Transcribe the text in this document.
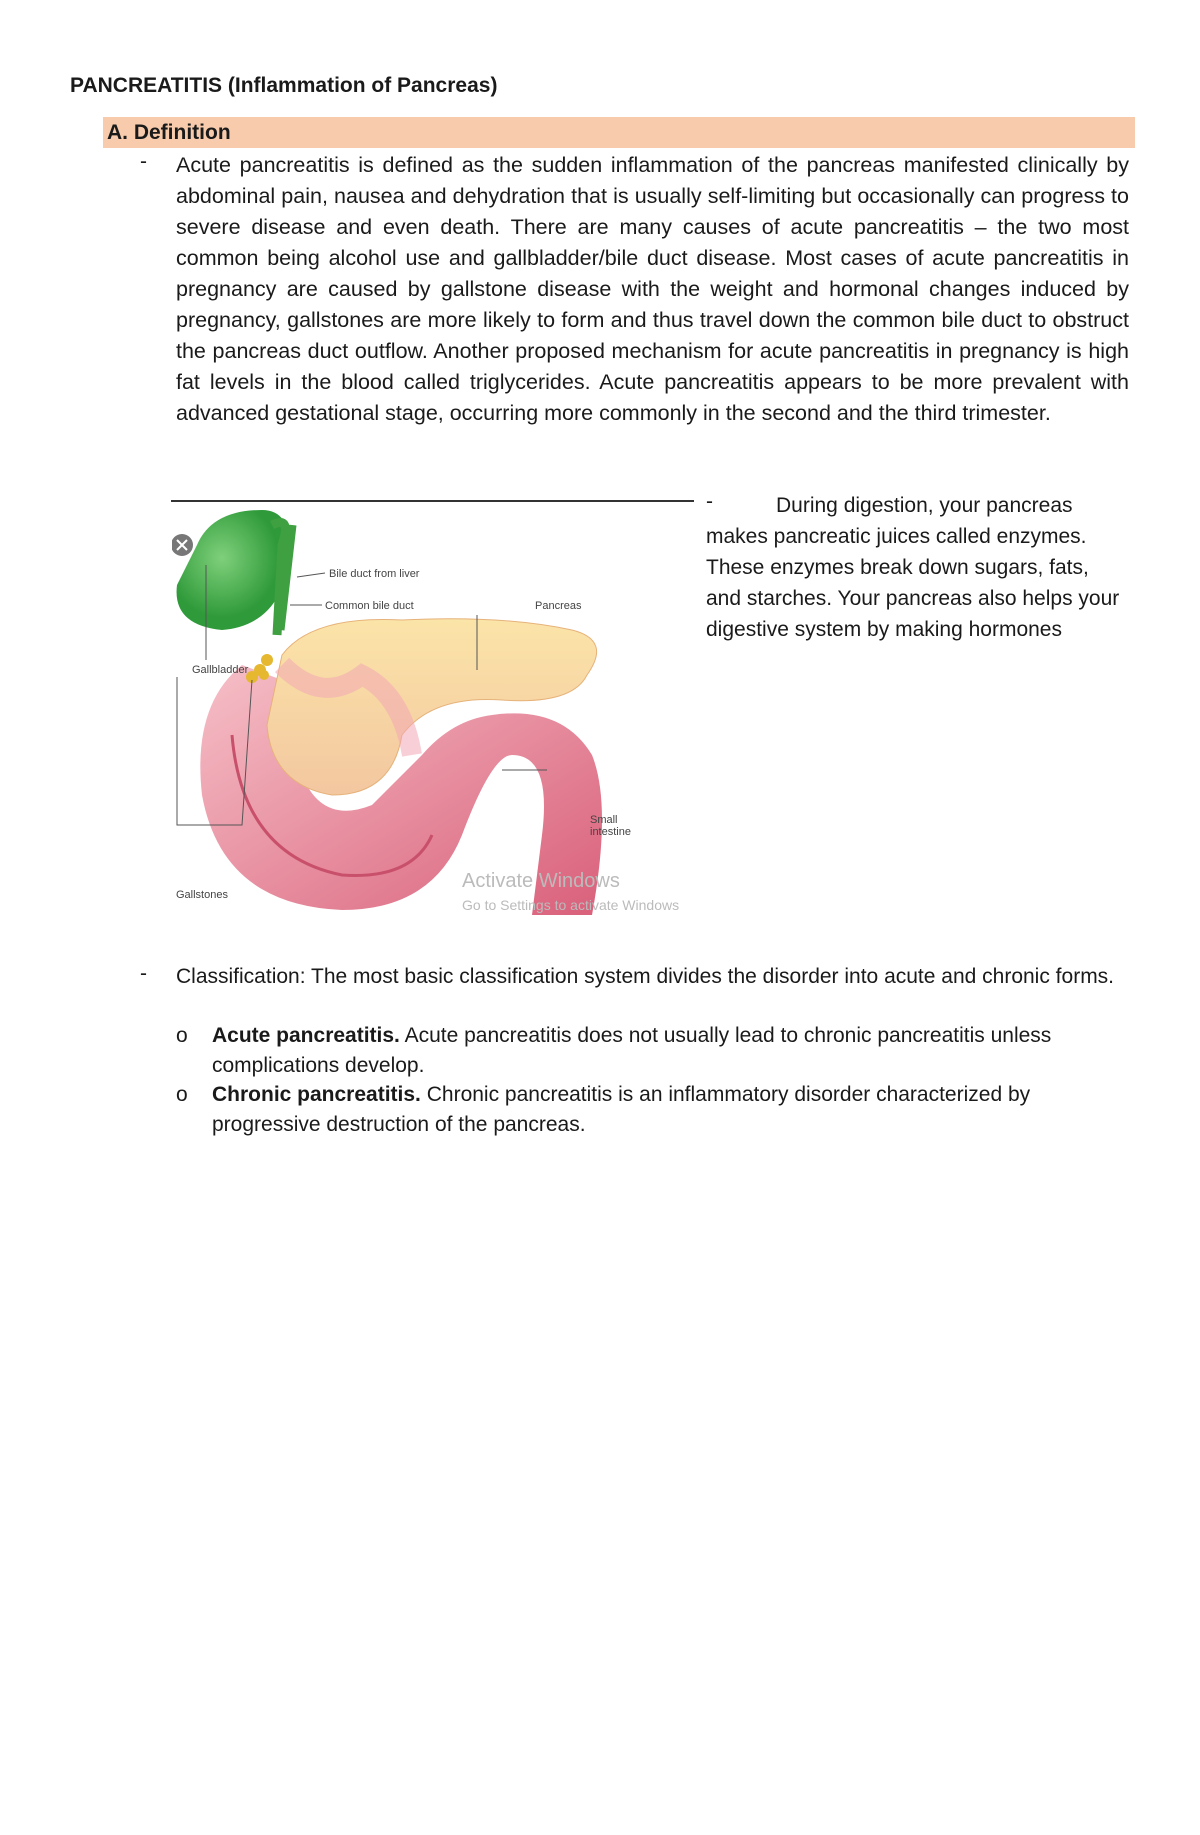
PANCREATITIS (Inflammation of Pancreas)
A. Definition
- Acute pancreatitis is defined as the sudden inflammation of the pancreas manifested clinically by abdominal pain, nausea and dehydration that is usually self-limiting but occasionally can progress to severe disease and even death. There are many causes of acute pancreatitis – the two most common being alcohol use and gallbladder/bile duct disease. Most cases of acute pancreatitis in pregnancy are caused by gallstone disease with the weight and hormonal changes induced by pregnancy, gallstones are more likely to form and thus travel down the common bile duct to obstruct the pancreas duct outflow. Another proposed mechanism for acute pancreatitis in pregnancy is high fat levels in the blood called triglycerides. Acute pancreatitis appears to be more prevalent with advanced gestational stage, occurring more commonly in the second and the third trimester.
Bile duct from liver
Common bile duct	Pancreas
Gallbladder
Small
intestine
Gallstones
Activate Windows
Go to Settings to activate Windows
-	During digestion, your pancreas makes pancreatic juices called enzymes. These enzymes break down sugars, fats, and starches. Your pancreas also helps your digestive system by making hormones
- Classification: The most basic classification system divides the disorder into acute and chronic forms.
o Acute pancreatitis. Acute pancreatitis does not usually lead to chronic pancreatitis unless complications develop.
o Chronic pancreatitis. Chronic pancreatitis is an inflammatory disorder characterized by progressive destruction of the pancreas.
